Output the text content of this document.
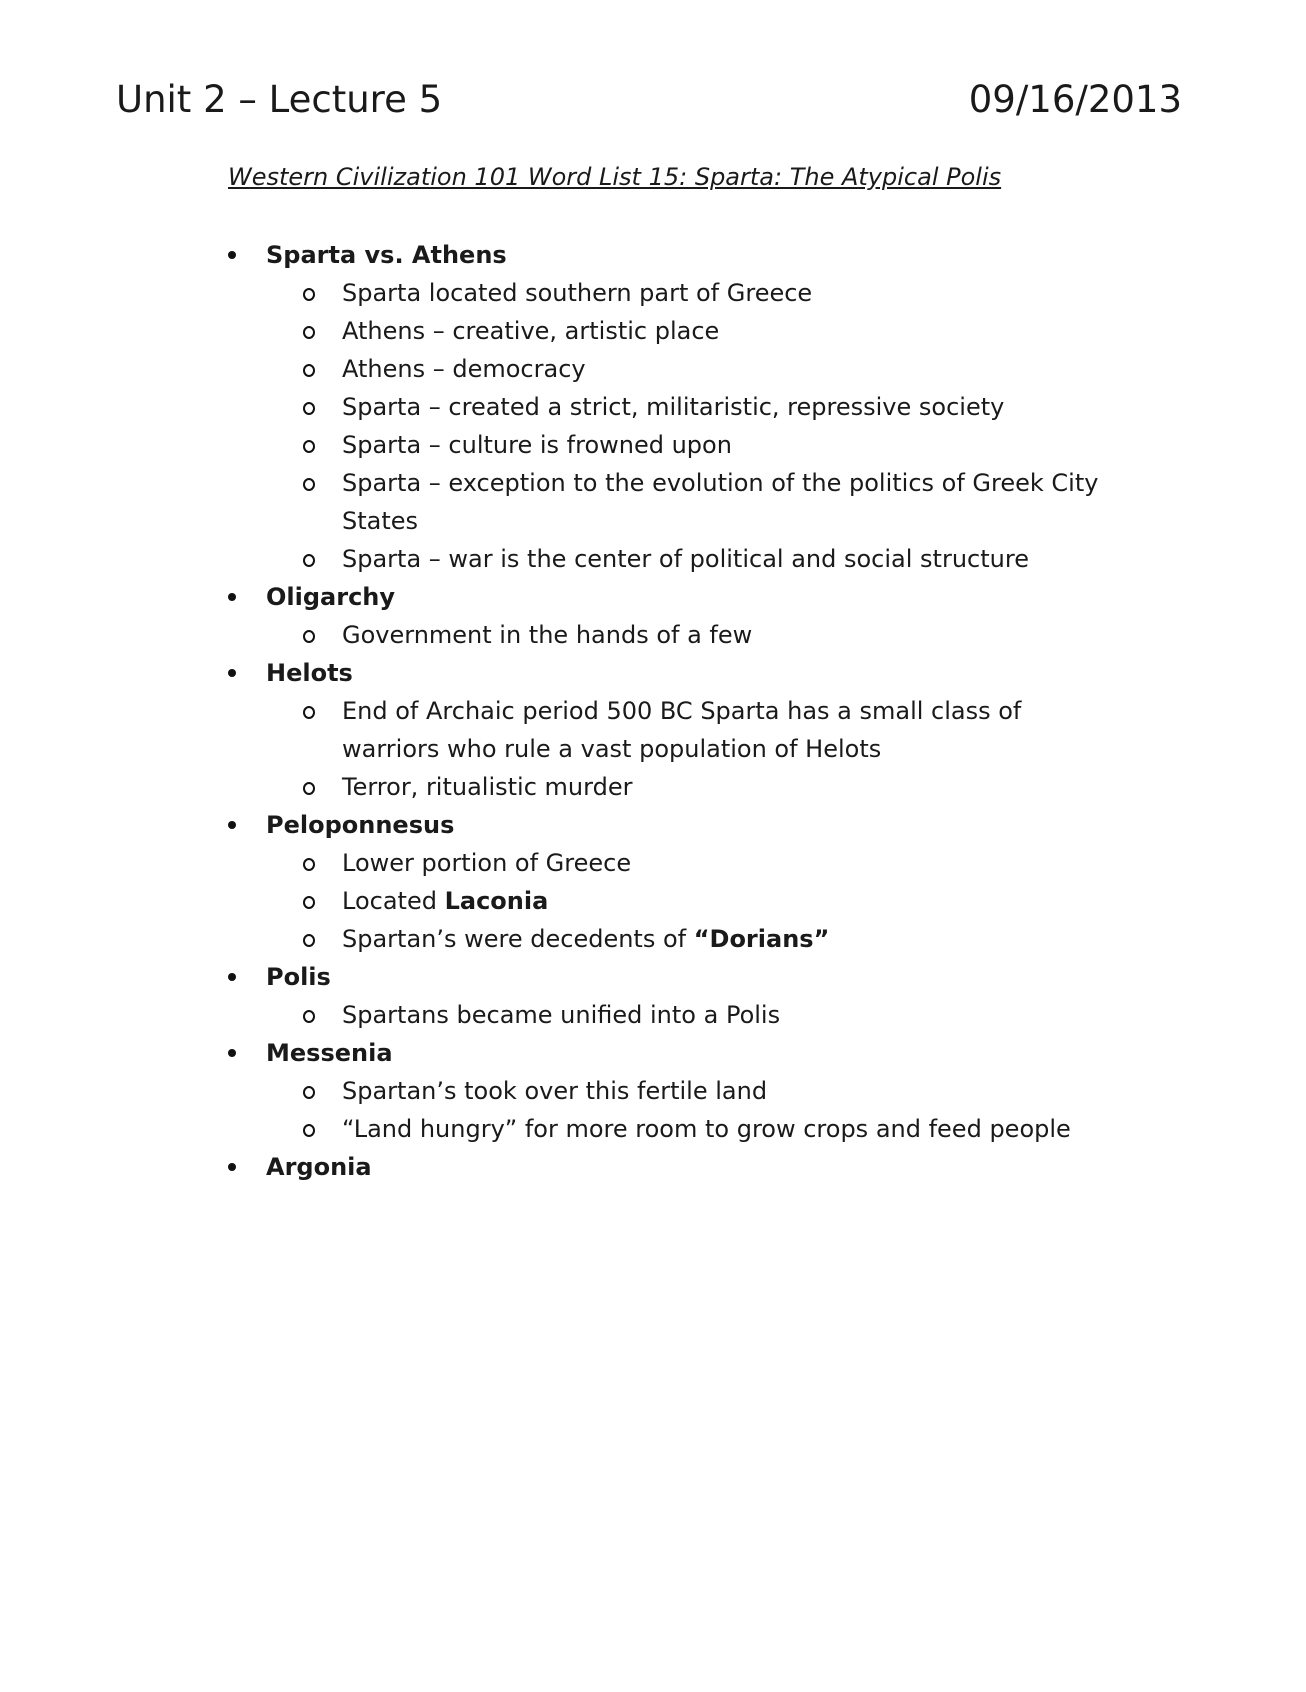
Unit 2 – Lecture 5	09/16/2013
Western Civilization 101 Word List 15: Sparta: The Atypical Polis
Sparta vs. Athens
Sparta located southern part of Greece
Athens – creative, artistic place
Athens – democracy
Sparta – created a strict, militaristic, repressive society
Sparta – culture is frowned upon
Sparta – exception to the evolution of the politics of Greek City States
Sparta – war is the center of political and social structure
Oligarchy
Government in the hands of a few
Helots
End of Archaic period 500 BC Sparta has a small class of warriors who rule a vast population of Helots
Terror, ritualistic murder
Peloponnesus
Lower portion of Greece
Located Laconia
Spartan’s were decedents of “Dorians”
Polis
Spartans became unified into a Polis
Messenia
Spartan’s took over this fertile land
“Land hungry” for more room to grow crops and feed people
Argonia
